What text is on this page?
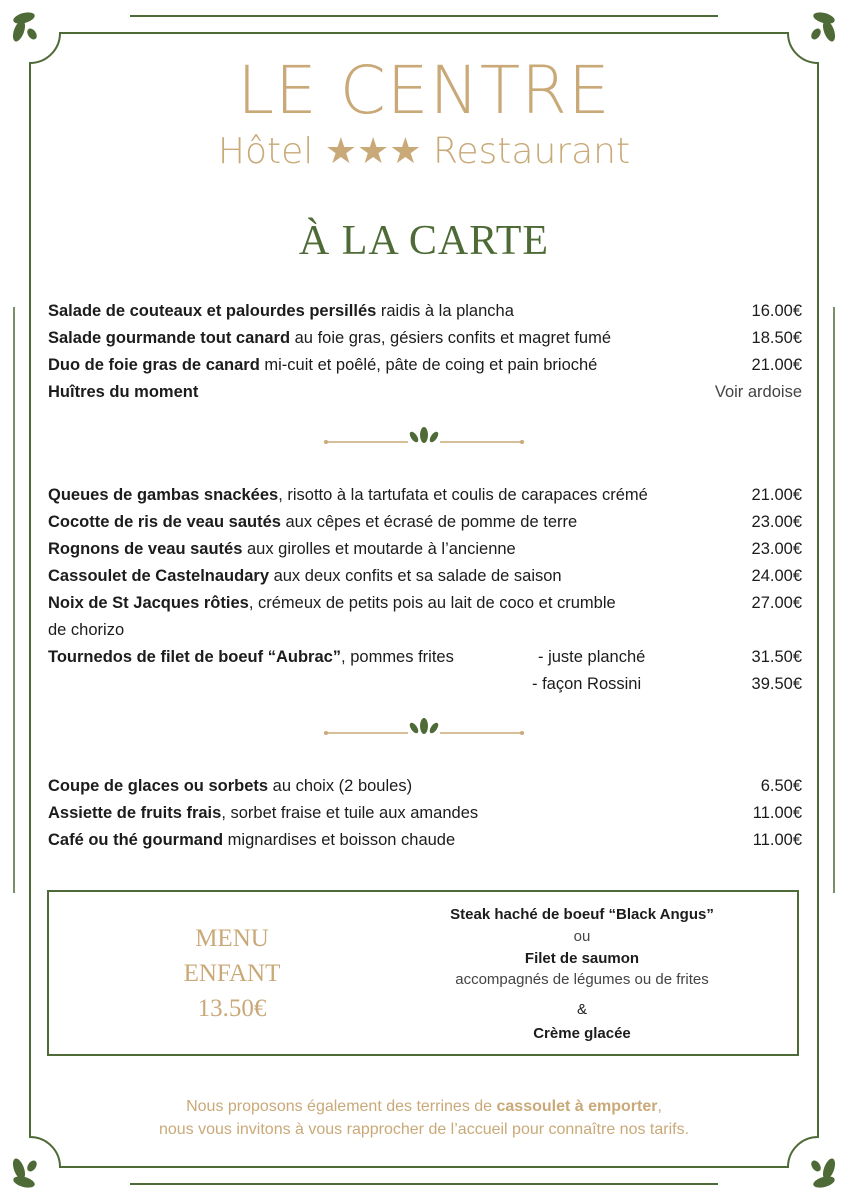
LE CENTRE
Hôtel ★★★ Restaurant
À LA CARTE
Salade de couteaux et palourdes persillés raidis à la plancha	16.00€
Salade gourmande tout canard au foie gras, gésiers confits et magret fumé	18.50€
Duo de foie gras de canard mi-cuit et poêlé, pâte de coing et pain brioché	21.00€
Huîtres du moment	Voir ardoise
Queues de gambas snackées, risotto à la tartufata et coulis de carapaces crémé	21.00€
Cocotte de ris de veau sautés aux cêpes et écrasé de pomme de terre	23.00€
Rognons de veau sautés aux girolles et moutarde à l’ancienne	23.00€
Cassoulet de Castelnaudary aux deux confits et sa salade de saison	24.00€
Noix de St Jacques rôties, crémeux de petits pois au lait de coco et crumble	27.00€
de chorizo
Tournedos de filet de boeuf “Aubrac”, pommes frites	- juste planché	31.50€
- façon Rossini	39.50€
Coupe de glaces ou sorbets au choix (2 boules)	6.50€
Assiette de fruits frais, sorbet fraise et tuile aux amandes	11.00€
Café ou thé gourmand mignardises et boisson chaude	11.00€
MENU
ENFANT
13.50€
Steak haché de boeuf “Black Angus”
ou
Filet de saumon
accompagnés de légumes ou de frites
&
Crème glacée
Nous proposons également des terrines de cassoulet à emporter,
nous vous invitons à vous rapprocher de l’accueil pour connaître nos tarifs.
